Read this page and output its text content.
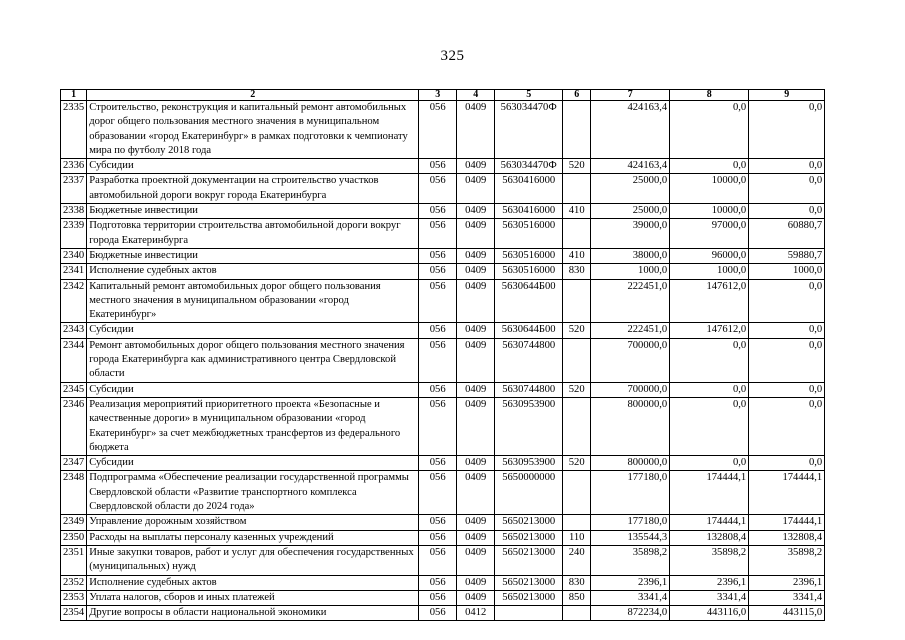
325
1	2	3	4	5	6	7	8	9
2335	Строительство, реконструкция и капитальный ремонт автомобильных дорог общего пользования местного значения в муниципальном образовании «город Екатеринбург» в рамках подготовки к чемпионату мира по футболу 2018 года	056	0409	563034470Ф		424163,4	0,0	0,0
2336	Субсидии	056	0409	563034470Ф	520	424163,4	0,0	0,0
2337	Разработка проектной документации на строительство участков автомобильной дороги вокруг города Екатеринбурга	056	0409	5630416000		25000,0	10000,0	0,0
2338	Бюджетные инвестиции	056	0409	5630416000	410	25000,0	10000,0	0,0
2339	Подготовка территории строительства автомобильной дороги вокруг города Екатеринбурга	056	0409	5630516000		39000,0	97000,0	60880,7
2340	Бюджетные инвестиции	056	0409	5630516000	410	38000,0	96000,0	59880,7
2341	Исполнение судебных актов	056	0409	5630516000	830	1000,0	1000,0	1000,0
2342	Капитальный ремонт автомобильных дорог общего пользования местного значения в муниципальном образовании «город Екатеринбург»	056	0409	5630644Б00		222451,0	147612,0	0,0
2343	Субсидии	056	0409	5630644Б00	520	222451,0	147612,0	0,0
2344	Ремонт автомобильных дорог общего пользования местного значения города Екатеринбурга как административного центра Свердловской области	056	0409	5630744800		700000,0	0,0	0,0
2345	Субсидии	056	0409	5630744800	520	700000,0	0,0	0,0
2346	Реализация мероприятий приоритетного проекта «Безопасные и качественные дороги» в муниципальном образовании «город Екатеринбург» за счет межбюджетных трансфертов из федерального бюджета	056	0409	5630953900		800000,0	0,0	0,0
2347	Субсидии	056	0409	5630953900	520	800000,0	0,0	0,0
2348	Подпрограмма «Обеспечение реализации государственной программы Свердловской области «Развитие транспортного комплекса Свердловской области до 2024 года»	056	0409	5650000000		177180,0	174444,1	174444,1
2349	Управление дорожным хозяйством	056	0409	5650213000		177180,0	174444,1	174444,1
2350	Расходы на выплаты персоналу казенных учреждений	056	0409	5650213000	110	135544,3	132808,4	132808,4
2351	Иные закупки товаров, работ и услуг для обеспечения государственных (муниципальных) нужд	056	0409	5650213000	240	35898,2	35898,2	35898,2
2352	Исполнение судебных актов	056	0409	5650213000	830	2396,1	2396,1	2396,1
2353	Уплата налогов, сборов и иных платежей	056	0409	5650213000	850	3341,4	3341,4	3341,4
2354	Другие вопросы в области национальной экономики	056	0412			872234,0	443116,0	443115,0
